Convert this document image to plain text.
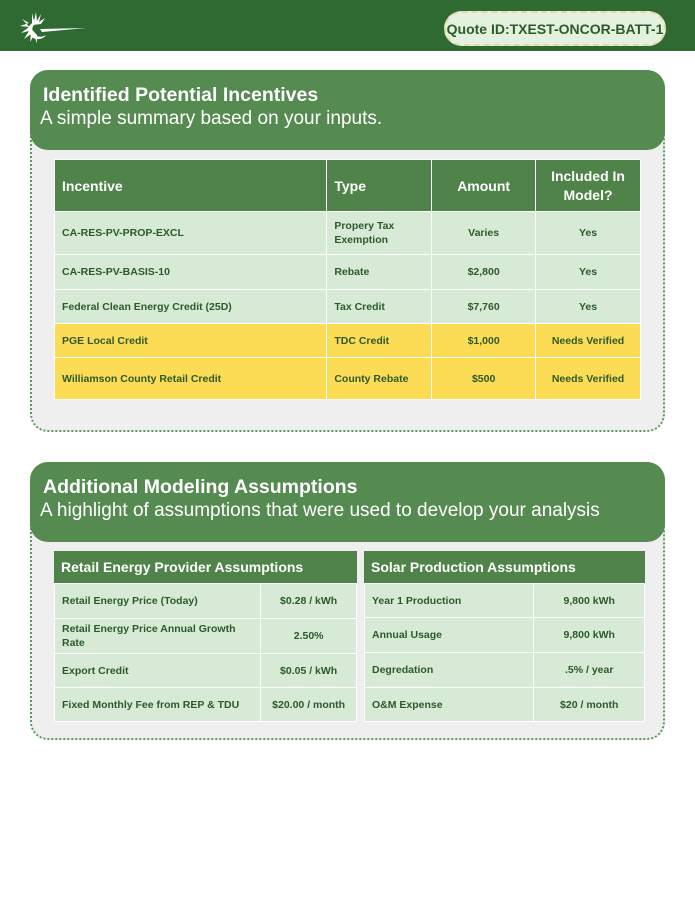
Quote ID:TXEST-ONCOR-BATT-1
Identified Potential Incentives
A simple summary based on your inputs.
Incentive	Type	Amount	Included In Model?

CA-RES-PV-PROP-EXCL	Propery Tax Exemption	Varies	Yes
CA-RES-PV-BASIS-10	Rebate	$2,800	Yes
Federal Clean Energy Credit (25D)	Tax Credit	$7,760	Yes
PGE Local Credit	TDC Credit	$1,000	Needs Verified
Williamson County Retail Credit	County Rebate	$500	Needs Verified
Additional Modeling Assumptions
A highlight of assumptions that were used to develop your analysis
Retail Energy Provider Assumptions
Retail Energy Price (Today)	$0.28 / kWh
Retail Energy Price Annual Growth Rate	2.50%
Export Credit	$0.05 / kWh
Fixed Monthly Fee from REP & TDU	$20.00 / month
Solar Production Assumptions
Year 1 Production	9,800 kWh
Annual Usage	9,800 kWh
Degredation	.5% / year
O&M Expense	$20 / month
